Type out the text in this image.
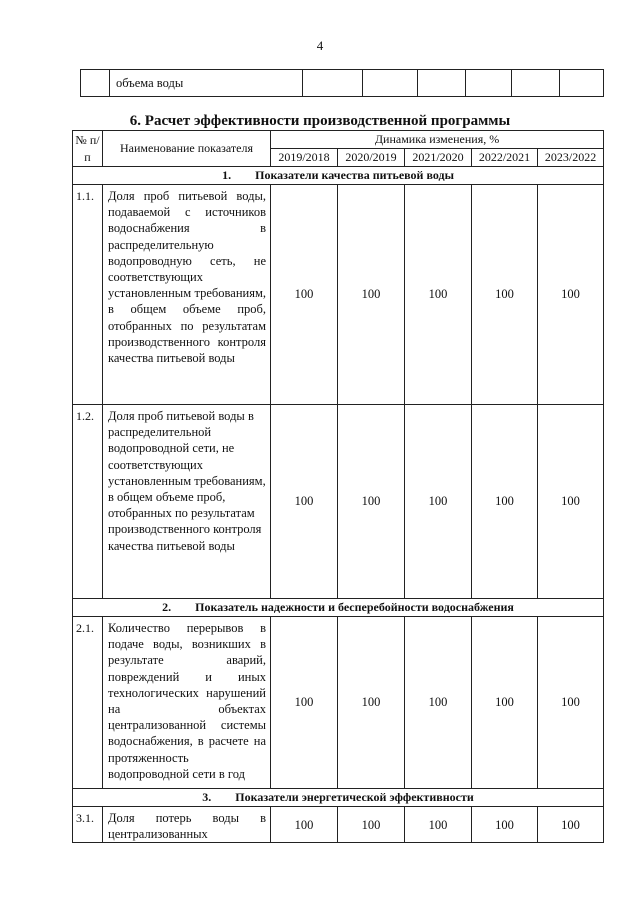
4
	объема воды						
6. Расчет эффективности производственной программы
№ п/п	Наименование показателя	Динамика изменения, %				
		2019/2018	2020/2019	2021/2020	2022/2021	2023/2022
1. Показатели качества питьевой воды						
1.1.	Доля проб питьевой воды, подаваемой с источников водоснабжения в распределительную водопроводную сеть, не соответствующих установленным требованиям, в общем объеме проб, отобранных по результатам производственного контроля качества питьевой воды	100	100	100	100	100
1.2.	Доля проб питьевой воды в распределительной водопроводной сети, не соответствующих установленным требованиям, в общем объеме проб, отобранных по результатам производственного контроля качества питьевой воды	100	100	100	100	100
2. Показатель надежности и бесперебойности водоснабжения						
2.1.	Количество перерывов в подаче воды, возникших в результате аварий, повреждений и иных технологических нарушений на объектах централизованной системы водоснабжения, в расчете на протяженность водопроводной сети в год	100	100	100	100	100
3. Показатели энергетической эффективности						
3.1.	Доля потерь воды в централизованных	100	100	100	100	100
